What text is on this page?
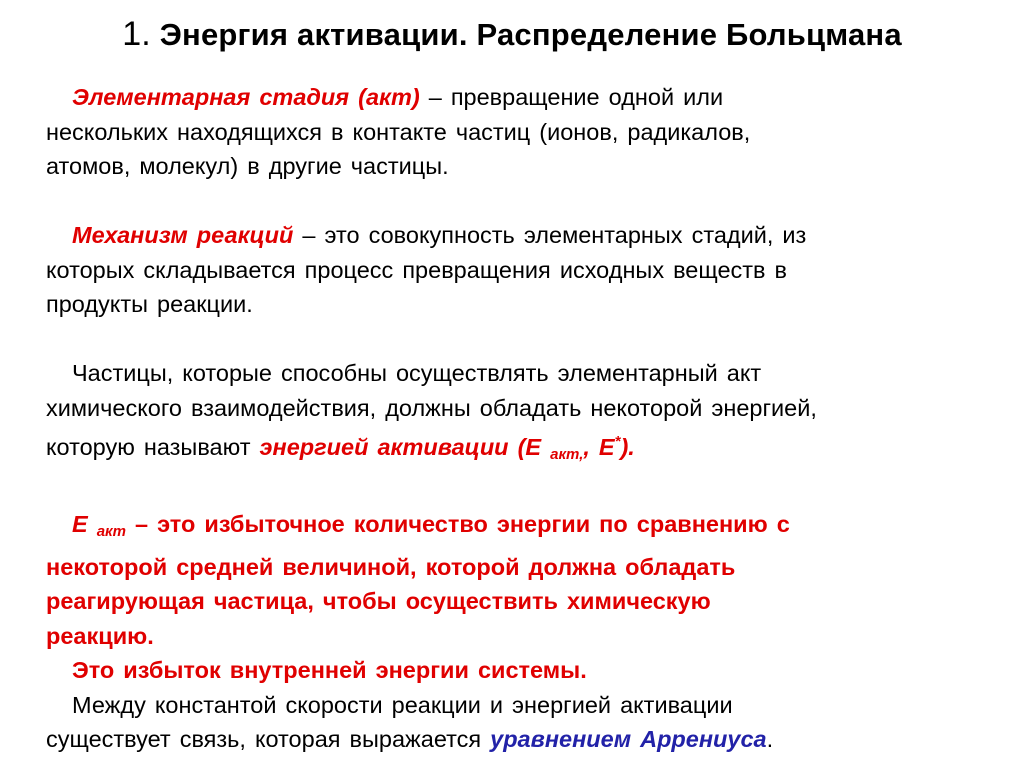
1. Энергия активации. Распределение Больцмана

Элементарная стадия (акт) – превращение одной или
нескольких находящихся в контакте частиц (ионов, радикалов,
атомов, молекул) в другие частицы.

Механизм реакций – это совокупность элементарных стадий, из
которых складывается процесс превращения исходных веществ в
продукты реакции.

Частицы, которые способны осуществлять элементарный акт
химического взаимодействия, должны обладать некоторой энергией,
которую называют энергией активации (Е $_{акт,}$, Е*).

Е $_{акт}$ – это избыточное количество энергии по сравнению с
некоторой средней величиной, которой должна обладать
реагирующая частица, чтобы осуществить химическую
реакцию.

Это избыток внутренней энергии системы.

Между константой скорости реакции и энергией активации
существует связь, которая выражается уравнением Аррениуса.
